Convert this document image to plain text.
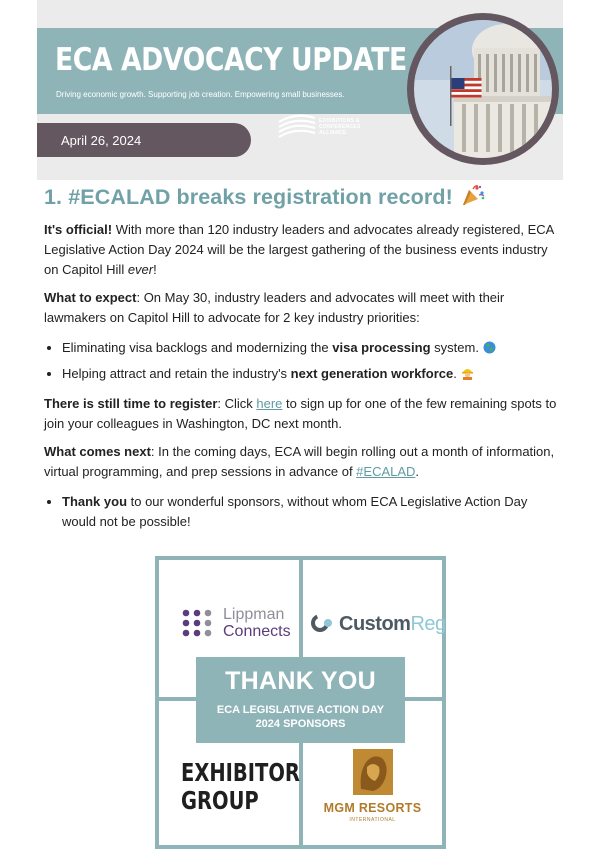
ECA ADVOCACY UPDATE
Driving economic growth. Supporting job creation. Empowering small businesses.
April 26, 2024
EXHIBITIONS &
CONFERENCES
ALLIANCE
1. #ECALAD breaks registration record!

It's official! With more than 120 industry leaders and advocates already registered, ECA Legislative Action Day 2024 will be the largest gathering of the business events industry on Capitol Hill ever!

What to expect: On May 30, industry leaders and advocates will meet with their lawmakers on Capitol Hill to advocate for 2 key industry priorities:

Eliminating visa backlogs and modernizing the visa processing system.
Helping attract and retain the industry's next generation workforce.

There is still time to register: Click here to sign up for one of the few remaining spots to join your colleagues in Washington, DC next month.

What comes next: In the coming days, ECA will begin rolling out a month of information, virtual programming, and prep sessions in advance of #ECALAD.

Thank you to our wonderful sponsors, without whom ECA Legislative Action Day would not be possible!
Lippman
Connects CustomReg
EXHIBITOR
GROUP	MGM RESORTS
INTERNATIONAL
THANK YOU
ECA LEGISLATIVE ACTION DAY
2024 SPONSORS
